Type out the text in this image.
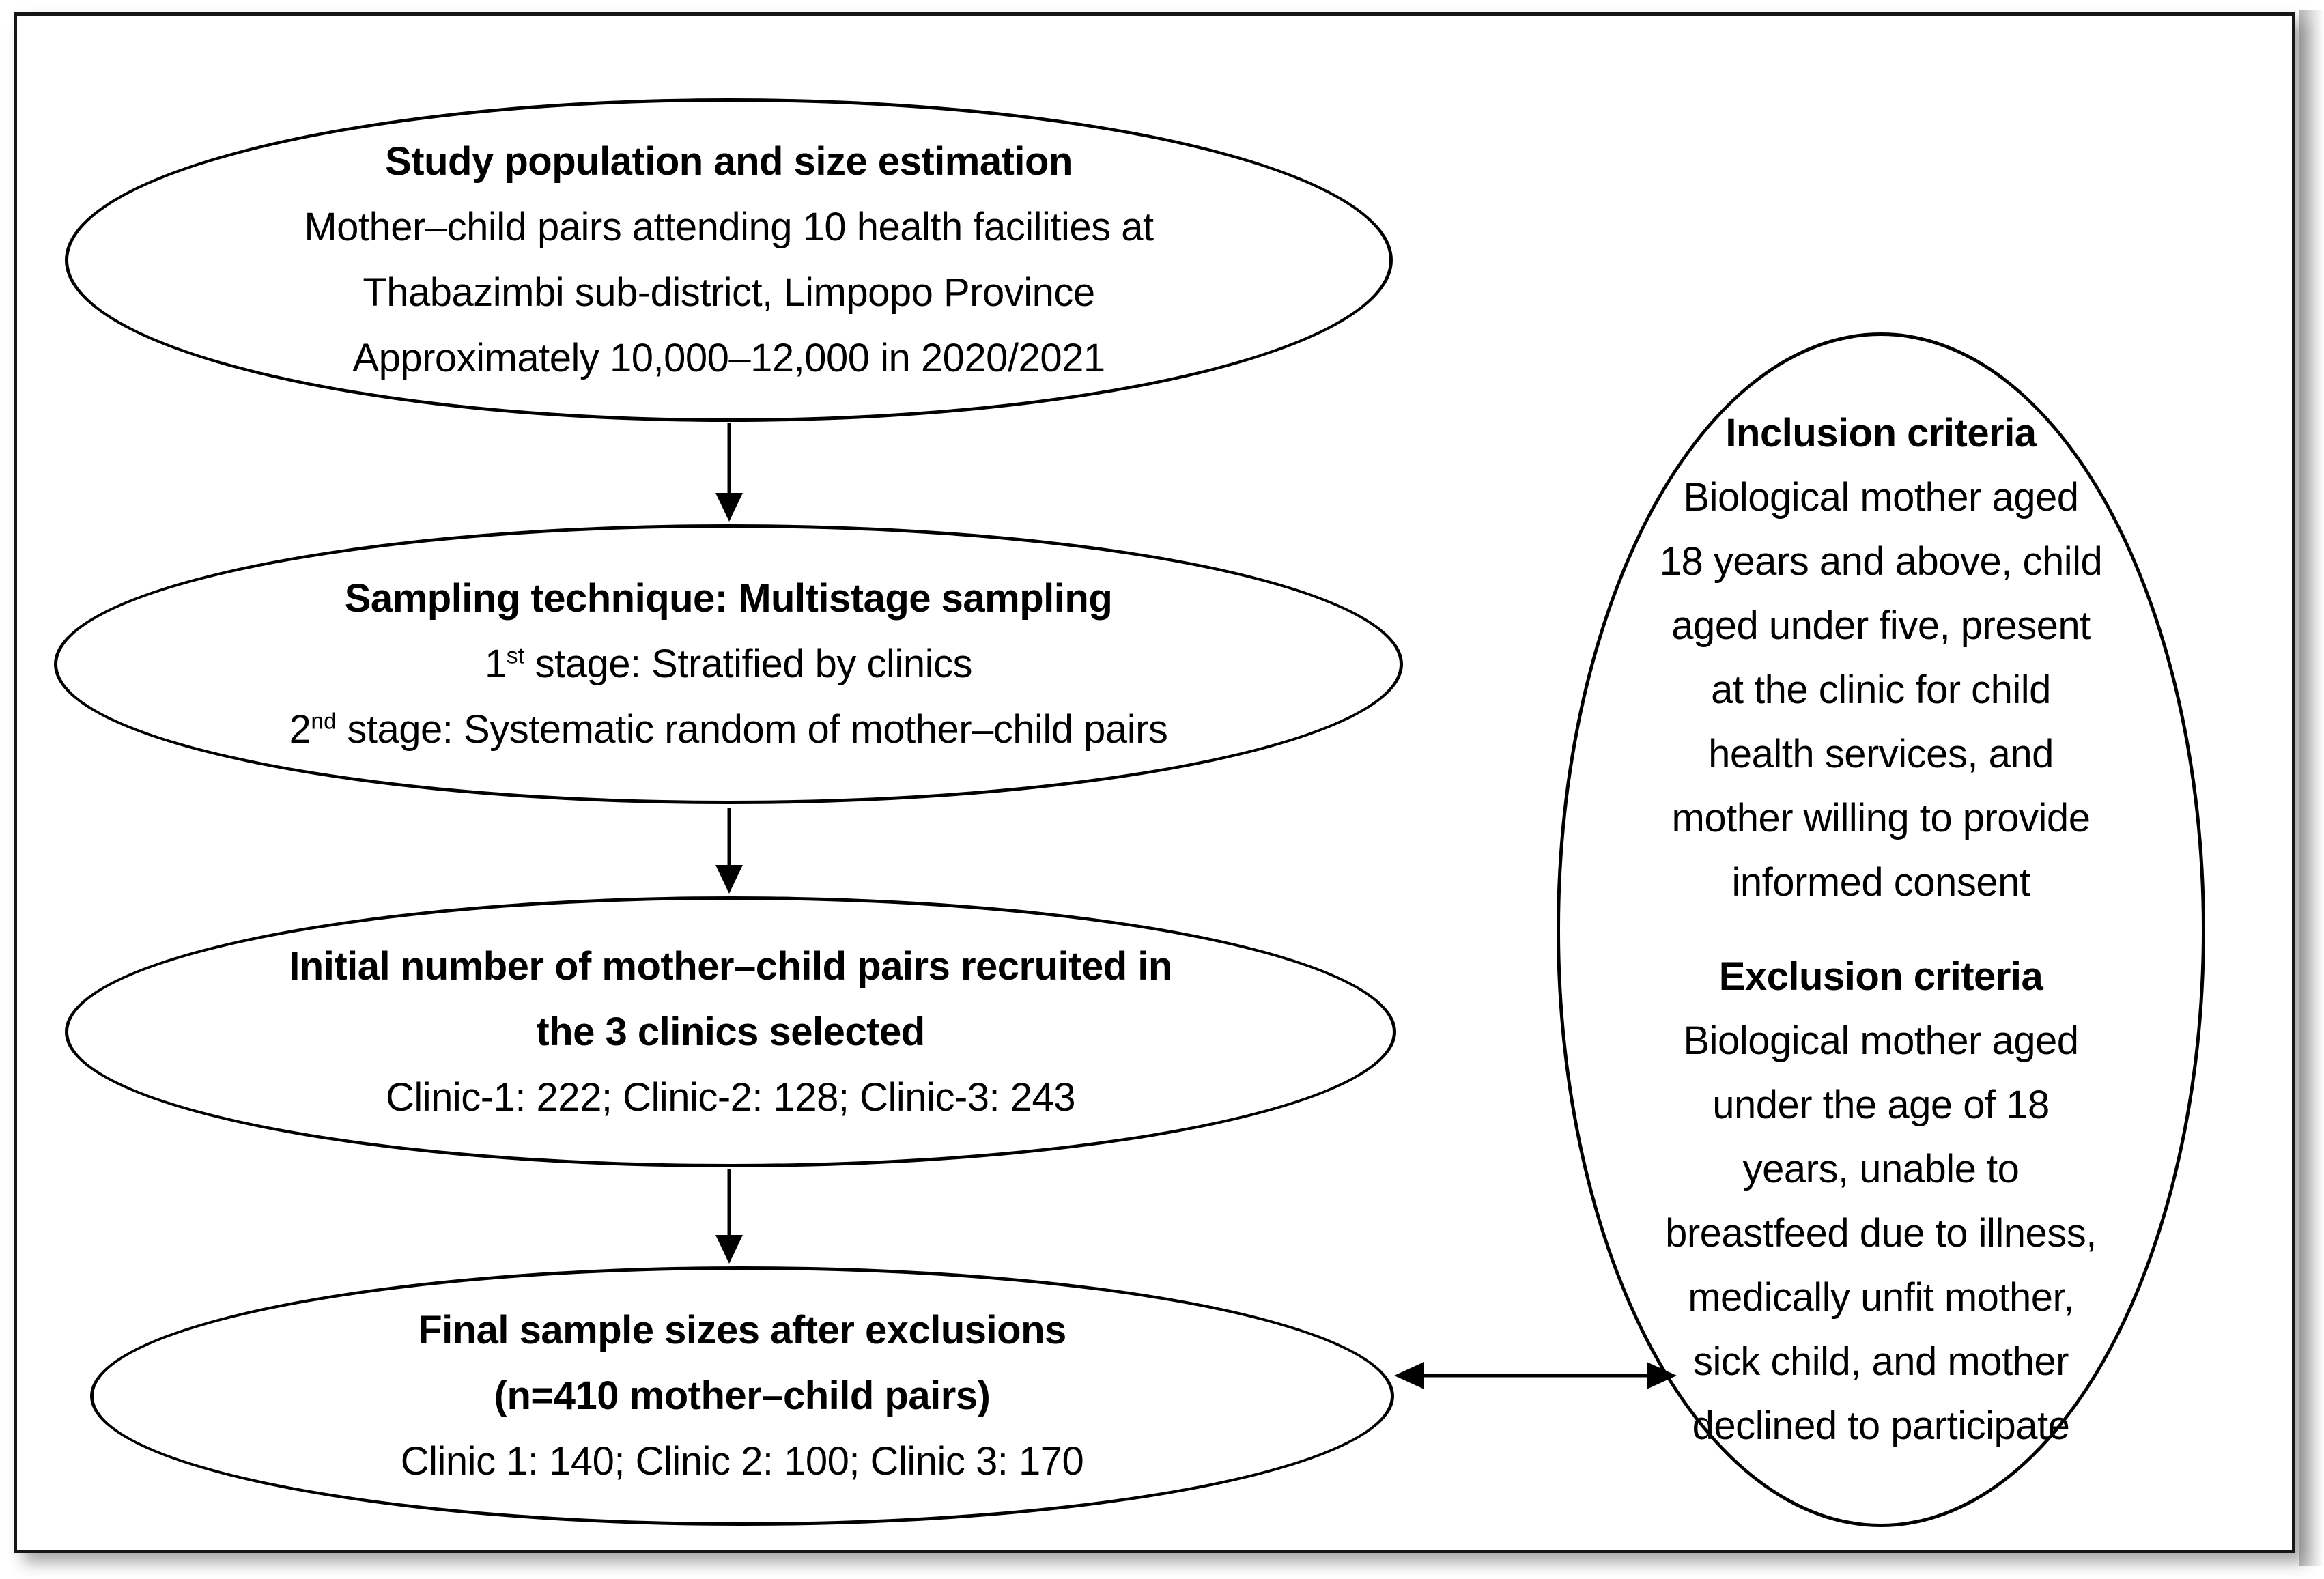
Study population and size estimation
Mother–child pairs attending 10 health facilities at
Thabazimbi sub-district, Limpopo Province
Approximately 10,000–12,000 in 2020/2021
Sampling technique: Multistage sampling
1st stage: Stratified by clinics
2nd stage: Systematic random of mother–child pairs
Initial number of mother–child pairs recruited in
the 3 clinics selected
Clinic-1: 222; Clinic-2: 128; Clinic-3: 243
Final sample sizes after exclusions
(n=410 mother–child pairs)
Clinic 1: 140; Clinic 2: 100; Clinic 3: 170
Inclusion criteria
Biological mother aged
18 years and above, child
aged under five, present
at the clinic for child
health services, and
mother willing to provide
informed consent
Exclusion criteria
Biological mother aged
under the age of 18
years, unable to
breastfeed due to illness,
medically unfit mother,
sick child, and mother
declined to participate
